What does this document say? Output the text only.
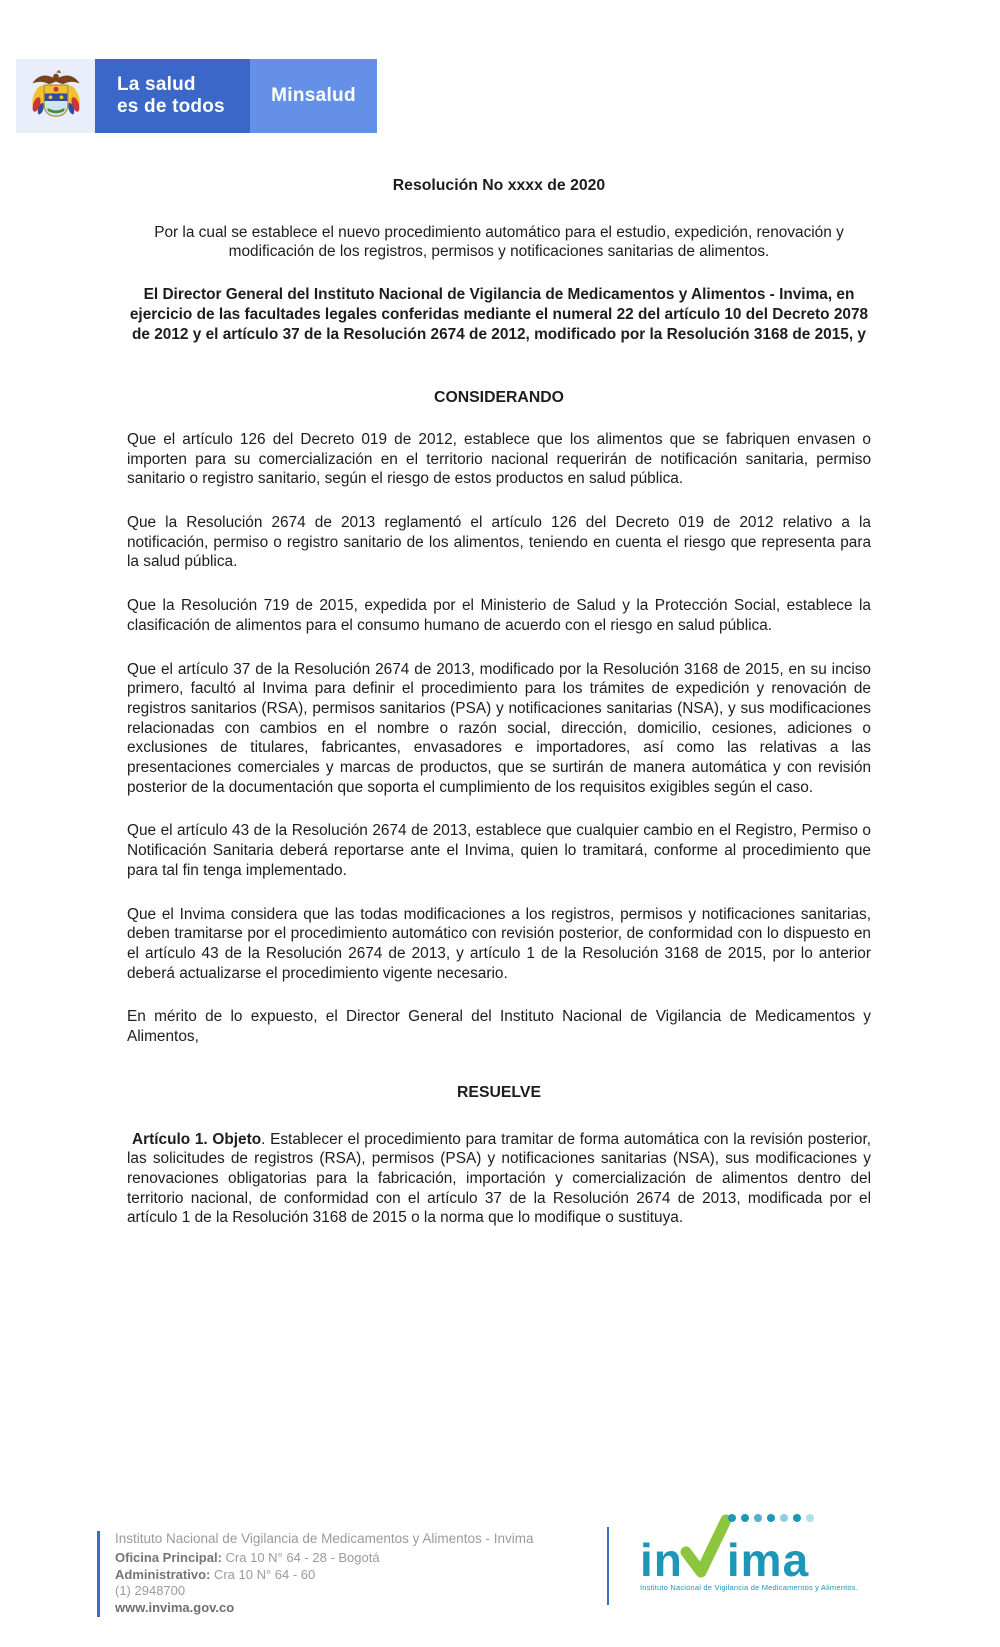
La salud
es de todos
Minsalud
Resolución No xxxx de 2020
Por la cual se establece el nuevo procedimiento automático para el estudio, expedición, renovación y modificación de los registros, permisos y notificaciones sanitarias de alimentos.
El Director General del Instituto Nacional de Vigilancia de Medicamentos y Alimentos - Invima, en ejercicio de las facultades legales conferidas mediante el numeral 22 del artículo 10 del Decreto 2078 de 2012 y el artículo 37 de la Resolución 2674 de 2012, modificado por la Resolución 3168 de 2015, y
CONSIDERANDO

Que el artículo 126 del Decreto 019 de 2012, establece que los alimentos que se fabriquen envasen o importen para su comercialización en el territorio nacional requerirán de notificación sanitaria, permiso sanitario o registro sanitario, según el riesgo de estos productos en salud pública.

Que la Resolución 2674 de 2013 reglamentó el artículo 126 del Decreto 019 de 2012 relativo a la notificación, permiso o registro sanitario de los alimentos, teniendo en cuenta el riesgo que representa para la salud pública.

Que la Resolución 719 de 2015, expedida por el Ministerio de Salud y la Protección Social, establece la clasificación de alimentos para el consumo humano de acuerdo con el riesgo en salud pública.

Que el artículo 37 de la Resolución 2674 de 2013, modificado por la Resolución 3168 de 2015, en su inciso primero, facultó al Invima para definir el procedimiento para los trámites de expedición y renovación de registros sanitarios (RSA), permisos sanitarios (PSA) y notificaciones sanitarias (NSA), y sus modificaciones relacionadas con cambios en el nombre o razón social, dirección, domicilio, cesiones, adiciones o exclusiones de titulares, fabricantes, envasadores e importadores, así como las relativas a las presentaciones comerciales y marcas de productos, que se surtirán de manera automática y con revisión posterior de la documentación que soporta el cumplimiento de los requisitos exigibles según el caso.

Que el artículo 43 de la Resolución 2674 de 2013, establece que cualquier cambio en el Registro, Permiso o Notificación Sanitaria deberá reportarse ante el Invima, quien lo tramitará, conforme al procedimiento que para tal fin tenga implementado.

Que el Invima considera que las todas modificaciones a los registros, permisos y notificaciones sanitarias, deben tramitarse por el procedimiento automático con revisión posterior, de conformidad con lo dispuesto en el artículo 43 de la Resolución 2674 de 2013, y artículo 1 de la Resolución 3168 de 2015, por lo anterior deberá actualizarse el procedimiento vigente necesario.

En mérito de lo expuesto, el Director General del Instituto Nacional de Vigilancia de Medicamentos y Alimentos,

RESUELVE

Artículo 1. Objeto. Establecer el procedimiento para tramitar de forma automática con la revisión posterior, las solicitudes de registros (RSA), permisos (PSA) y notificaciones sanitarias (NSA), sus modificaciones y renovaciones obligatorias para la fabricación, importación y comercialización de alimentos dentro del territorio nacional, de conformidad con el artículo 37 de la Resolución 2674 de 2013, modificada por el artículo 1 de la Resolución 3168 de 2015 o la norma que lo modifique o sustituya.

Instituto Nacional de Vigilancia de Medicamentos y Alimentos - Invima
Oficina Principal: Cra 10 N° 64 - 28 - Bogotá
Administrativo: Cra 10 N° 64 - 60
(1) 2948700
www.invima.gov.co
in ima
Instituto Nacional de Vigilancia de Medicamentos y Alimentos.
